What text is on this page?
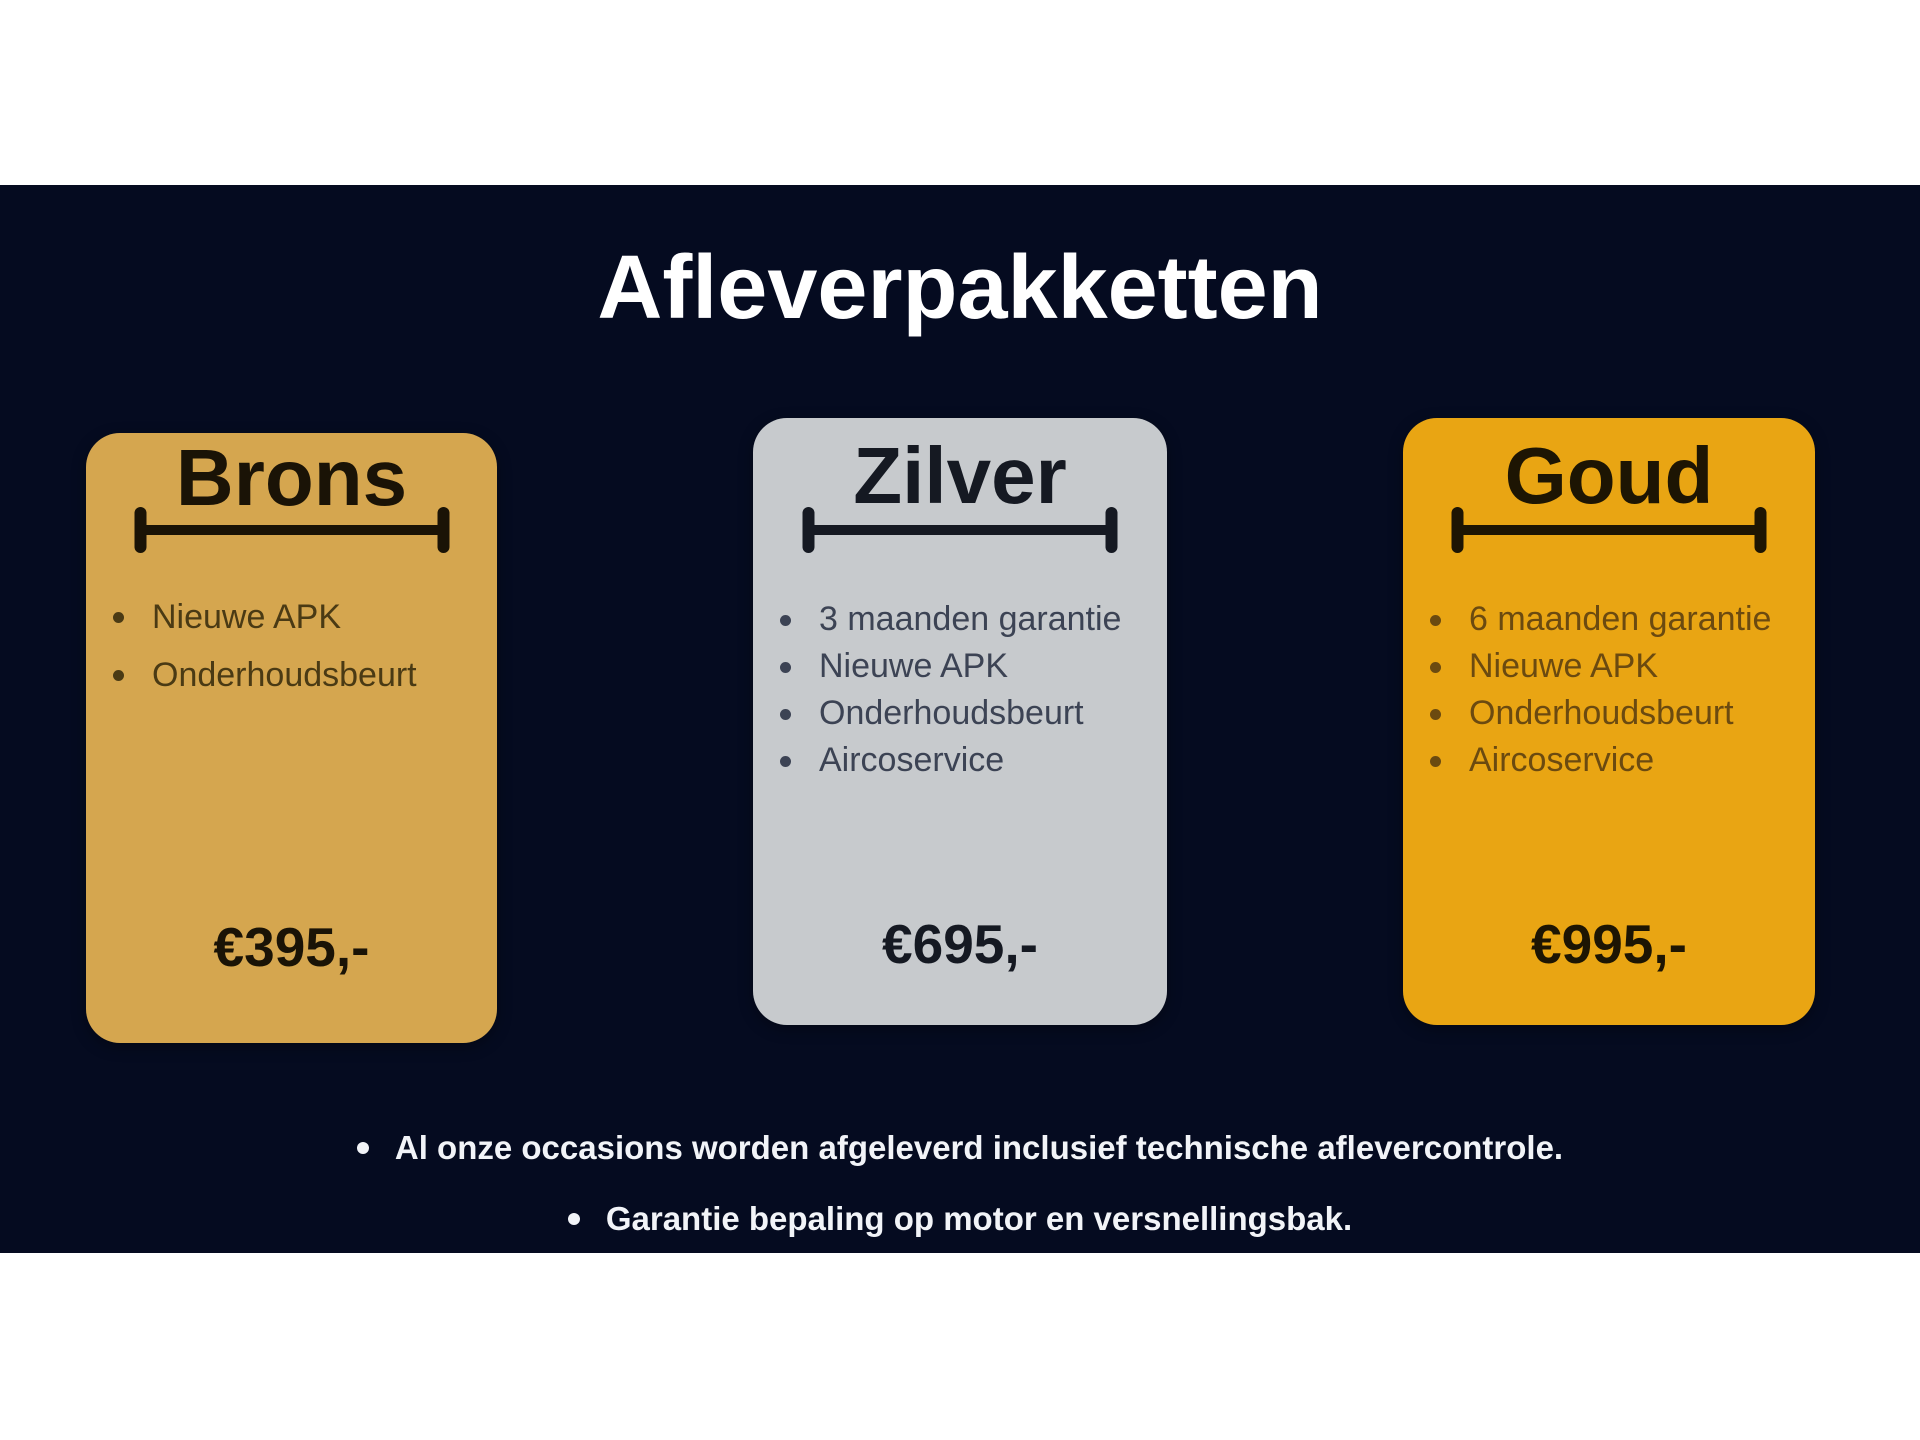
Afleverpakketten
Brons
Nieuwe APK
Onderhoudsbeurt
€395,-
Zilver
3 maanden garantie
Nieuwe APK
Onderhoudsbeurt
Aircoservice
€695,-
Goud
6 maanden garantie
Nieuwe APK
Onderhoudsbeurt
Aircoservice
€995,-
Al onze occasions worden afgeleverd inclusief technische aflevercontrole.
Garantie bepaling op motor en versnellingsbak.
